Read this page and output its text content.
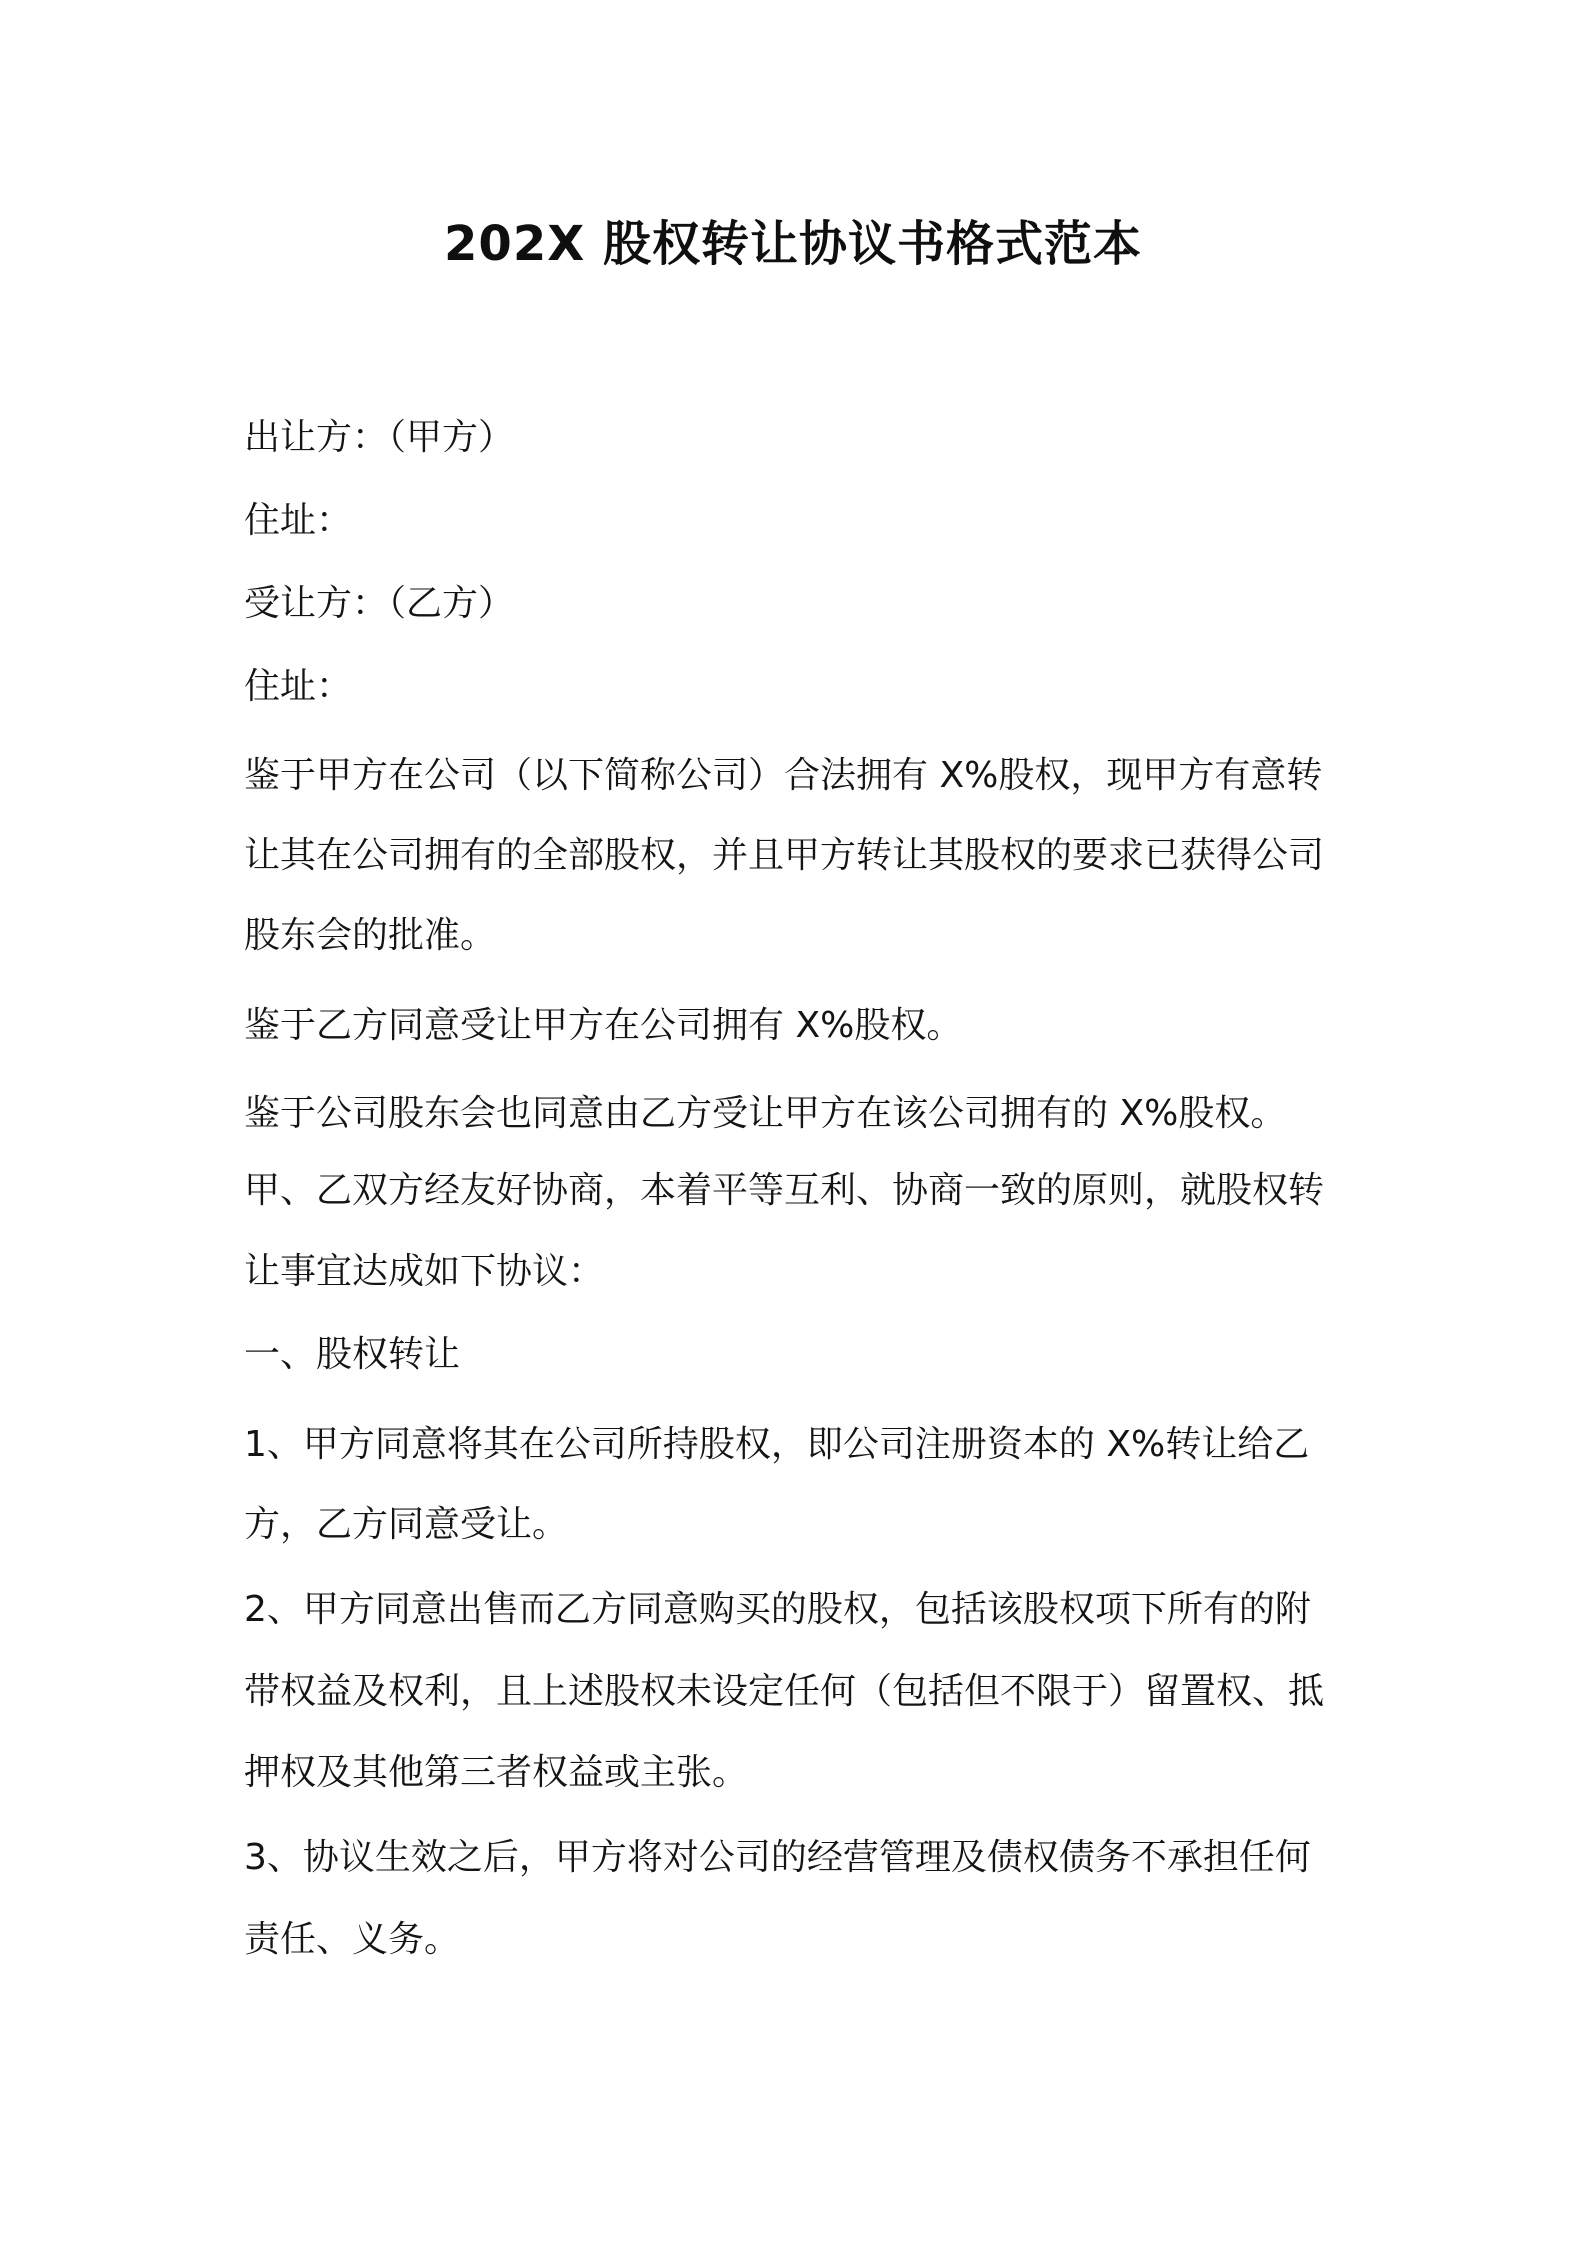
202X 股权转让协议书格式范本
出让方：（甲方）
住址：
受让方：（乙方）
住址：
鉴于甲方在公司（以下简称公司）合法拥有 X%股权，现甲方有意转
让其在公司拥有的全部股权，并且甲方转让其股权的要求已获得公司
股东会的批准。
鉴于乙方同意受让甲方在公司拥有 X%股权。
鉴于公司股东会也同意由乙方受让甲方在该公司拥有的 X%股权。
甲、乙双方经友好协商，本着平等互利、协商一致的原则，就股权转
让事宜达成如下协议：
一、股权转让
1、甲方同意将其在公司所持股权，即公司注册资本的 X%转让给乙
方，乙方同意受让。
2、甲方同意出售而乙方同意购买的股权，包括该股权项下所有的附
带权益及权利，且上述股权未设定任何（包括但不限于）留置权、抵
押权及其他第三者权益或主张。
3、协议生效之后，甲方将对公司的经营管理及债权债务不承担任何
责任、义务。
